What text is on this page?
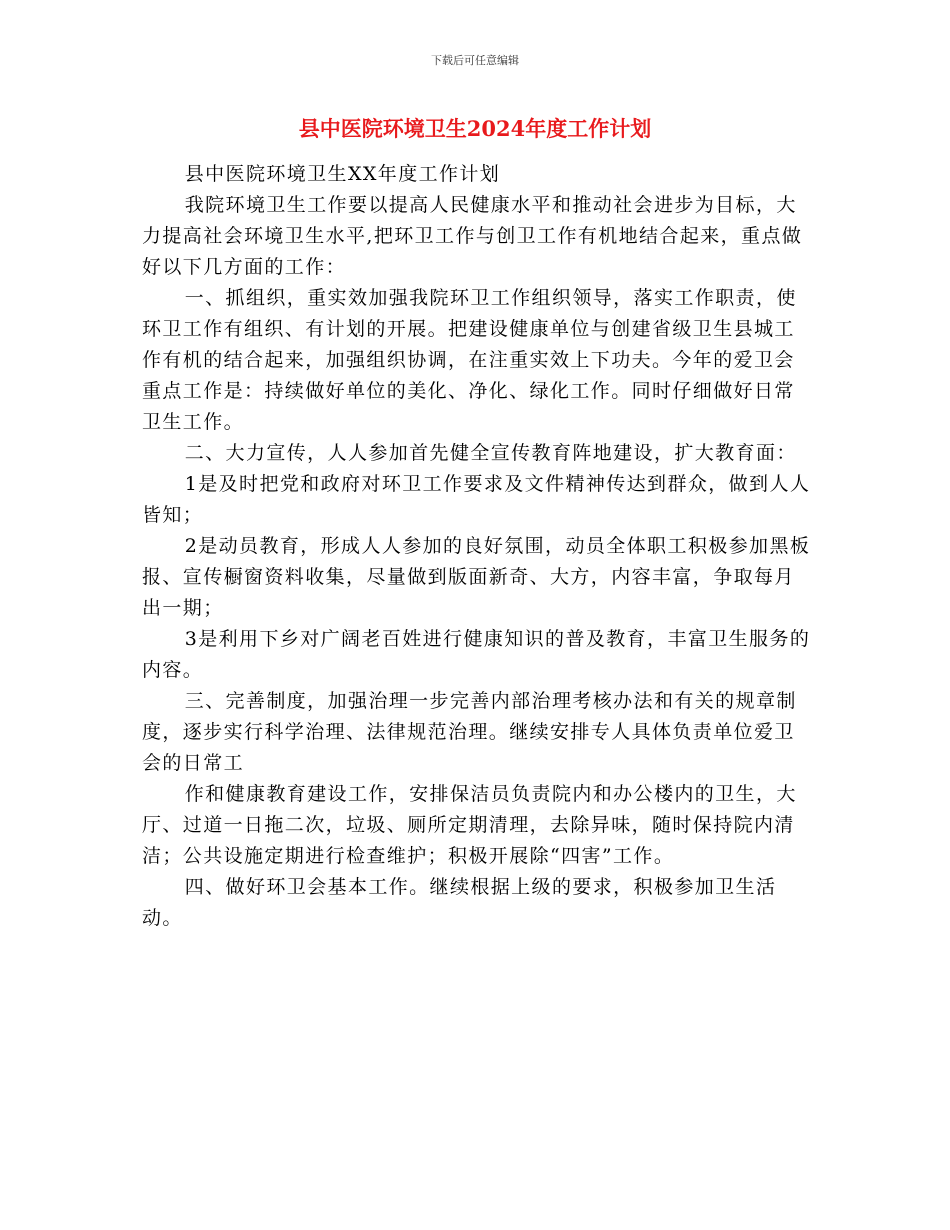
下载后可任意编辑
县中医院环境卫生2024年度工作计划

县中医院环境卫生XX年度工作计划

我院环境卫生工作要以提高人民健康水平和推动社会进步为目标，大力提高社会环境卫生水平,把环卫工作与创卫工作有机地结合起来，重点做好以下几方面的工作：

一、抓组织，重实效加强我院环卫工作组织领导，落实工作职责，使环卫工作有组织、有计划的开展。把建设健康单位与创建省级卫生县城工作有机的结合起来，加强组织协调，在注重实效上下功夫。今年的爱卫会重点工作是：持续做好单位的美化、净化、绿化工作。同时仔细做好日常卫生工作。

二、大力宣传，人人参加首先健全宣传教育阵地建设，扩大教育面：

1是及时把党和政府对环卫工作要求及文件精神传达到群众，做到人人皆知；

2是动员教育，形成人人参加的良好氛围，动员全体职工积极参加黑板报、宣传橱窗资料收集，尽量做到版面新奇、大方，内容丰富，争取每月出一期；

3是利用下乡对广阔老百姓进行健康知识的普及教育，丰富卫生服务的内容。

三、完善制度，加强治理一步完善内部治理考核办法和有关的规章制度，逐步实行科学治理、法律规范治理。继续安排专人具体负责单位爱卫会的日常工

作和健康教育建设工作，安排保洁员负责院内和办公楼内的卫生，大厅、过道一日拖二次，垃圾、厕所定期清理，去除异味，随时保持院内清洁；公共设施定期进行检查维护；积极开展除“四害”工作。

四、做好环卫会基本工作。继续根据上级的要求，积极参加卫生活动。
